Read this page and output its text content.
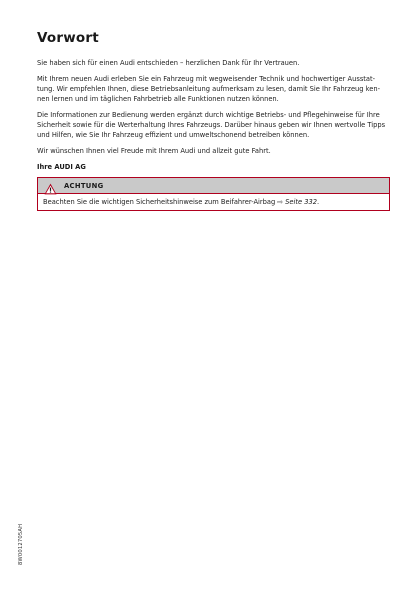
Vorwort

Sie haben sich für einen Audi entschieden – herzlichen Dank für Ihr Vertrauen.

Mit Ihrem neuen Audi erleben Sie ein Fahrzeug mit wegweisender Technik und hochwertiger Ausstattung. Wir empfehlen Ihnen, diese Betriebsanleitung aufmerksam zu lesen, damit Sie Ihr Fahrzeug kennen lernen und im täglichen Fahrbetrieb alle Funktionen nutzen können.

Die Informationen zur Bedienung werden ergänzt durch wichtige Betriebs- und Pflegehinweise für Ihre Sicherheit sowie für die Werterhaltung Ihres Fahrzeugs. Darüber hinaus geben wir Ihnen wertvolle Tipps und Hilfen, wie Sie Ihr Fahrzeug effizient und umweltschonend betreiben können.

Wir wünschen Ihnen viel Freude mit Ihrem Audi und allzeit gute Fahrt.

Ihre AUDI AG

ACHTUNG
Beachten Sie die wichtigen Sicherheitshinweise zum Beifahrer-Airbag ⇨ Seite 332.
8W0012705AH
